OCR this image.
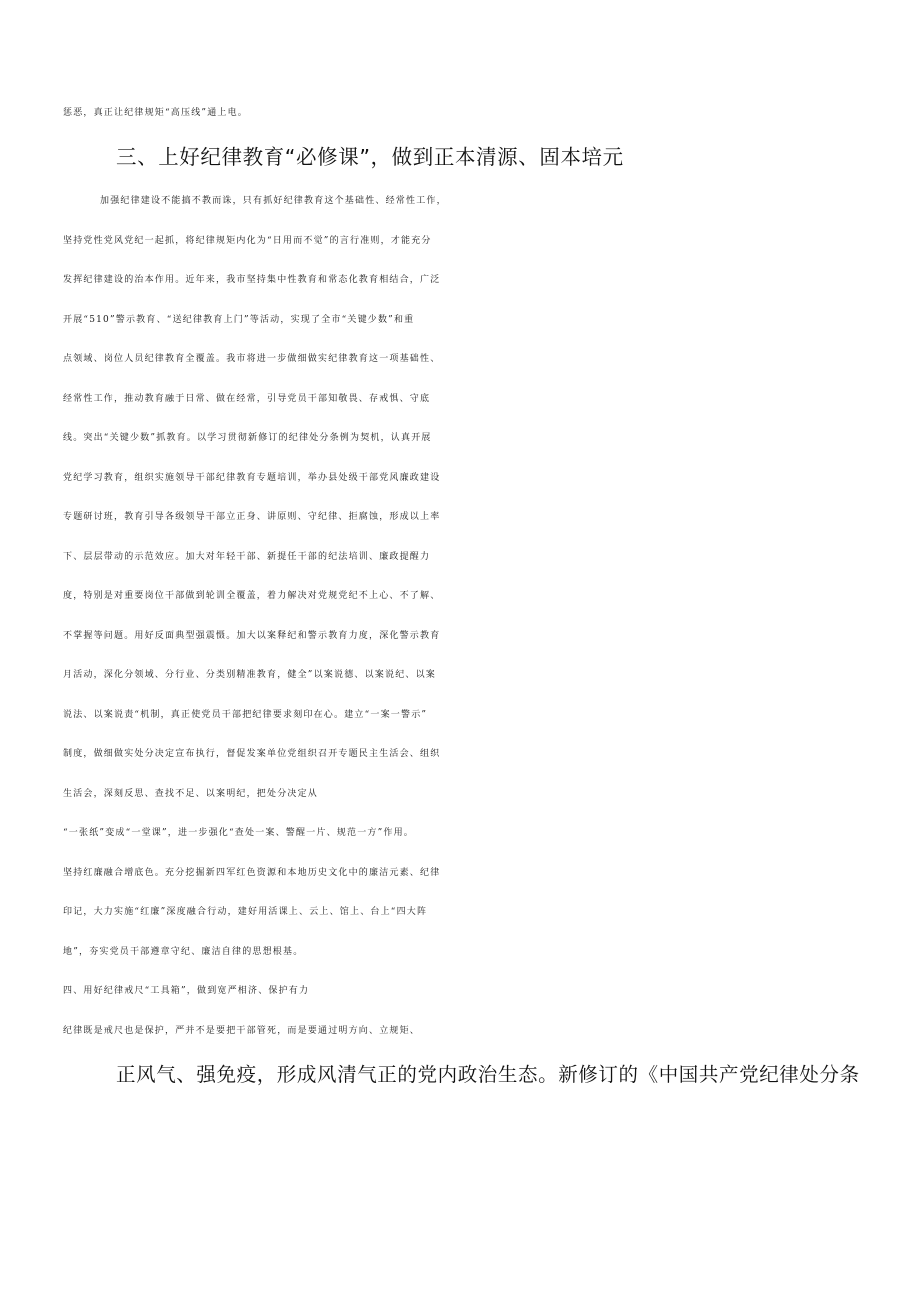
惩恶，真正让纪律规矩“高压线”通上电。
三、上好纪律教育“必修课”，做到正本清源、固本培元
加强纪律建设不能搞不教而诛，只有抓好纪律教育这个基础性、经常性工作，
坚持党性党风党纪一起抓，将纪律规矩内化为“日用而不觉”的言行准则，才能充分
发挥纪律建设的治本作用。近年来，我市坚持集中性教育和常态化教育相结合，广泛
开展“510”警示教育、“送纪律教育上门”等活动，实现了全市“关键少数”和重
点领域、岗位人员纪律教育全覆盖。我市将进一步做细做实纪律教育这一项基础性、
经常性工作，推动教育融于日常、做在经常，引导党员干部知敬畏、存戒惧、守底
线。突出“关键少数”抓教育。以学习贯彻新修订的纪律处分条例为契机，认真开展
党纪学习教育，组织实施领导干部纪律教育专题培训，举办县处级干部党风廉政建设
专题研讨班，教育引导各级领导干部立正身、讲原则、守纪律、拒腐蚀，形成以上率
下、层层带动的示范效应。加大对年轻干部、新提任干部的纪法培训、廉政提醒力
度，特别是对重要岗位干部做到轮训全覆盖，着力解决对党规党纪不上心、不了解、
不掌握等问题。用好反面典型强震慑。加大以案释纪和警示教育力度，深化警示教育
月活动，深化分领域、分行业、分类别精准教育，健全”以案说德、以案说纪、以案
说法、以案说责“机制，真正使党员干部把纪律要求刻印在心。建立“一案一警示”
制度，做细做实处分决定宣布执行，督促发案单位党组织召开专题民主生活会、组织
生活会，深刻反思、查找不足、以案明纪，把处分决定从
“一张纸”变成“一堂课”，进一步强化“查处一案、警醒一片、规范一方”作用。
坚持红廉融合增底色。充分挖掘新四军红色资源和本地历史文化中的廉洁元素、纪律
印记，大力实施“红廉”深度融合行动，建好用活课上、云上、馆上、台上“四大阵
地”，夯实党员干部遵章守纪、廉洁自律的思想根基。
四、用好纪律戒尺“工具箱”，做到宽严相济、保护有力
纪律既是戒尺也是保护，严并不是要把干部管死，而是要通过明方向、立规矩、
正风气、强免疫，形成风清气正的党内政治生态。新修订的《中国共产党纪律处分条
